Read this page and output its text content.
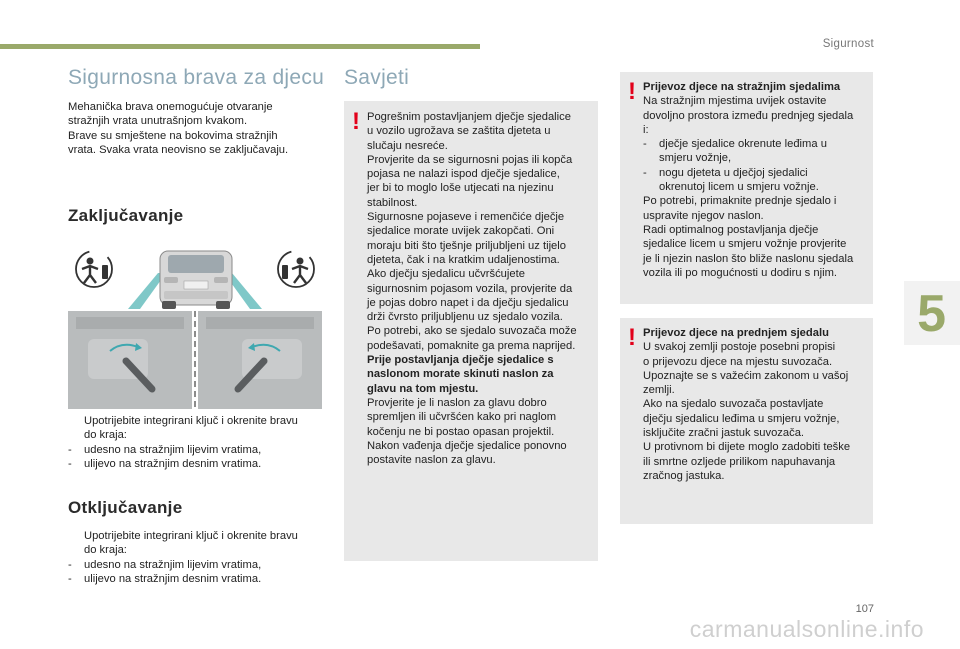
Sigurnost
Sigurnosna brava za djecu
Mehanička brava onemogućuje otvaranje
stražnjih vrata unutrašnjom kvakom.
Brave su smještene na bokovima stražnjih
vrata. Svaka vrata neovisno se zaključavaju.
Zaključavanje
Upotrijebite integrirani ključ i okrenite bravu
do kraja:
- udesno na stražnjim lijevim vratima,
- ulijevo na stražnjim desnim vratima.
Otključavanje
Upotrijebite integrirani ključ i okrenite bravu
do kraja:
- udesno na stražnjim lijevim vratima,
- ulijevo na stražnjim desnim vratima.
Savjeti
! Pogrešnim postavljanjem dječje sjedalice
u vozilo ugrožava se zaštita djeteta u
slučaju nesreće.
Provjerite da se sigurnosni pojas ili kopča
pojasa ne nalazi ispod dječje sjedalice,
jer bi to moglo loše utjecati na njezinu
stabilnost.
Sigurnosne pojaseve i remenčiće dječje
sjedalice morate uvijek zakopčati. Oni
moraju biti što tješnje priljubljeni uz tijelo
djeteta, čak i na kratkim udaljenostima.
Ako dječju sjedalicu učvršćujete
sigurnosnim pojasom vozila, provjerite da
je pojas dobro napet i da dječju sjedalicu
drži čvrsto priljubljenu uz sjedalo vozila.
Po potrebi, ako se sjedalo suvozača može
podešavati, pomaknite ga prema naprijed.
Prije postavljanja dječje sjedalice s
naslonom morate skinuti naslon za
glavu na tom mjestu.
Provjerite je li naslon za glavu dobro
spremljen ili učvršćen kako pri naglom
kočenju ne bi postao opasan projektil.
Nakon vađenja dječje sjedalice ponovno
postavite naslon za glavu.
! Prijevoz djece na stražnjim sjedalima
Na stražnjim mjestima uvijek ostavite
dovoljno prostora između prednjeg sjedala
i:
- dječje sjedalice okrenute leđima u
smjeru vožnje,
- nogu djeteta u dječjoj sjedalici
okrenutoj licem u smjeru vožnje.
Po potrebi, primaknite prednje sjedalo i
uspravite njegov naslon.
Radi optimalnog postavljanja dječje
sjedalice licem u smjeru vožnje provjerite
je li njezin naslon što bliže naslonu sjedala
vozila ili po mogućnosti u dodiru s njim.
! Prijevoz djece na prednjem sjedalu
U svakoj zemlji postoje posebni propisi
o prijevozu djece na mjestu suvozača.
Upoznajte se s važećim zakonom u vašoj
zemlji.
Ako na sjedalo suvozača postavljate
dječju sjedalicu leđima u smjeru vožnje,
isključite zračni jastuk suvozača.
U protivnom bi dijete moglo zadobiti teške
ili smrtne ozljede prilikom napuhavanja
zračnog jastuka.
5
107
carmanualsonline.info
